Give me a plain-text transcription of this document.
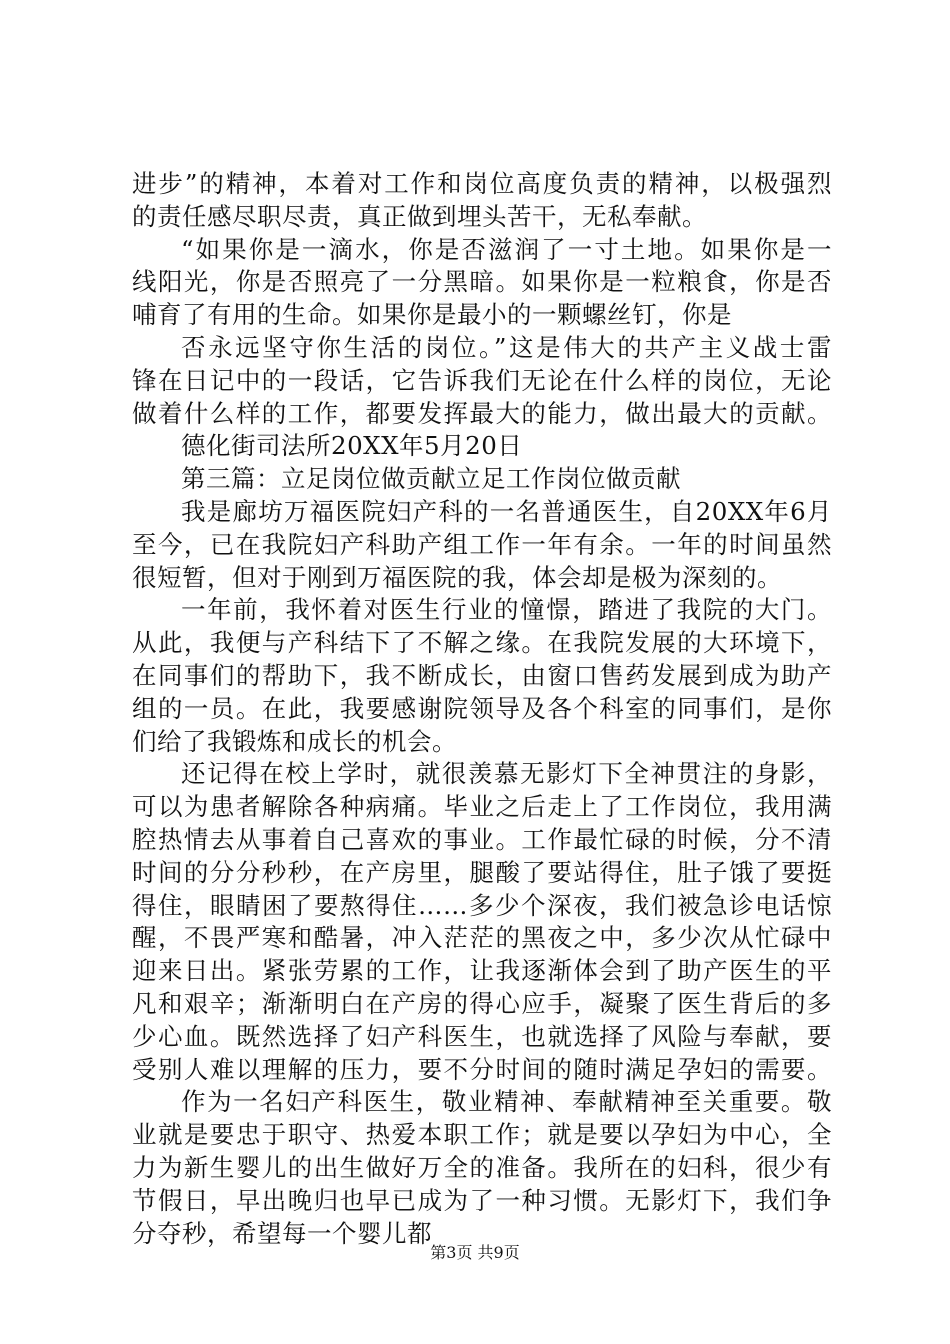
进步”的精神，本着对工作和岗位高度负责的精神，以极强烈
的责任感尽职尽责，真正做到埋头苦干，无私奉献。
“如果你是一滴水，你是否滋润了一寸土地。如果你是一
线阳光，你是否照亮了一分黑暗。如果你是一粒粮食，你是否
哺育了有用的生命。如果你是最小的一颗螺丝钉，你是
否永远坚守你生活的岗位。”这是伟大的共产主义战士雷
锋在日记中的一段话，它告诉我们无论在什么样的岗位，无论
做着什么样的工作，都要发挥最大的能力，做出最大的贡献。
德化街司法所20XX年5月20日
第三篇：立足岗位做贡献立足工作岗位做贡献
我是廊坊万福医院妇产科的一名普通医生，自20XX年6月
至今，已在我院妇产科助产组工作一年有余。一年的时间虽然
很短暂，但对于刚到万福医院的我，体会却是极为深刻的。
一年前，我怀着对医生行业的憧憬，踏进了我院的大门。
从此，我便与产科结下了不解之缘。在我院发展的大环境下，
在同事们的帮助下，我不断成长，由窗口售药发展到成为助产
组的一员。在此，我要感谢院领导及各个科室的同事们，是你
们给了我锻炼和成长的机会。
还记得在校上学时，就很羡慕无影灯下全神贯注的身影，
可以为患者解除各种病痛。毕业之后走上了工作岗位，我用满
腔热情去从事着自己喜欢的事业。工作最忙碌的时候，分不清
时间的分分秒秒，在产房里，腿酸了要站得住，肚子饿了要挺
得住，眼睛困了要熬得住……多少个深夜，我们被急诊电话惊
醒，不畏严寒和酷暑，冲入茫茫的黑夜之中，多少次从忙碌中
迎来日出。紧张劳累的工作，让我逐渐体会到了助产医生的平
凡和艰辛；渐渐明白在产房的得心应手，凝聚了医生背后的多
少心血。既然选择了妇产科医生，也就选择了风险与奉献，要
受别人难以理解的压力，要不分时间的随时满足孕妇的需要。
作为一名妇产科医生，敬业精神、奉献精神至关重要。敬
业就是要忠于职守、热爱本职工作；就是要以孕妇为中心，全
力为新生婴儿的出生做好万全的准备。我所在的妇科，很少有
节假日，早出晚归也早已成为了一种习惯。无影灯下，我们争
分夺秒，希望每一个婴儿都
第3页 共9页
